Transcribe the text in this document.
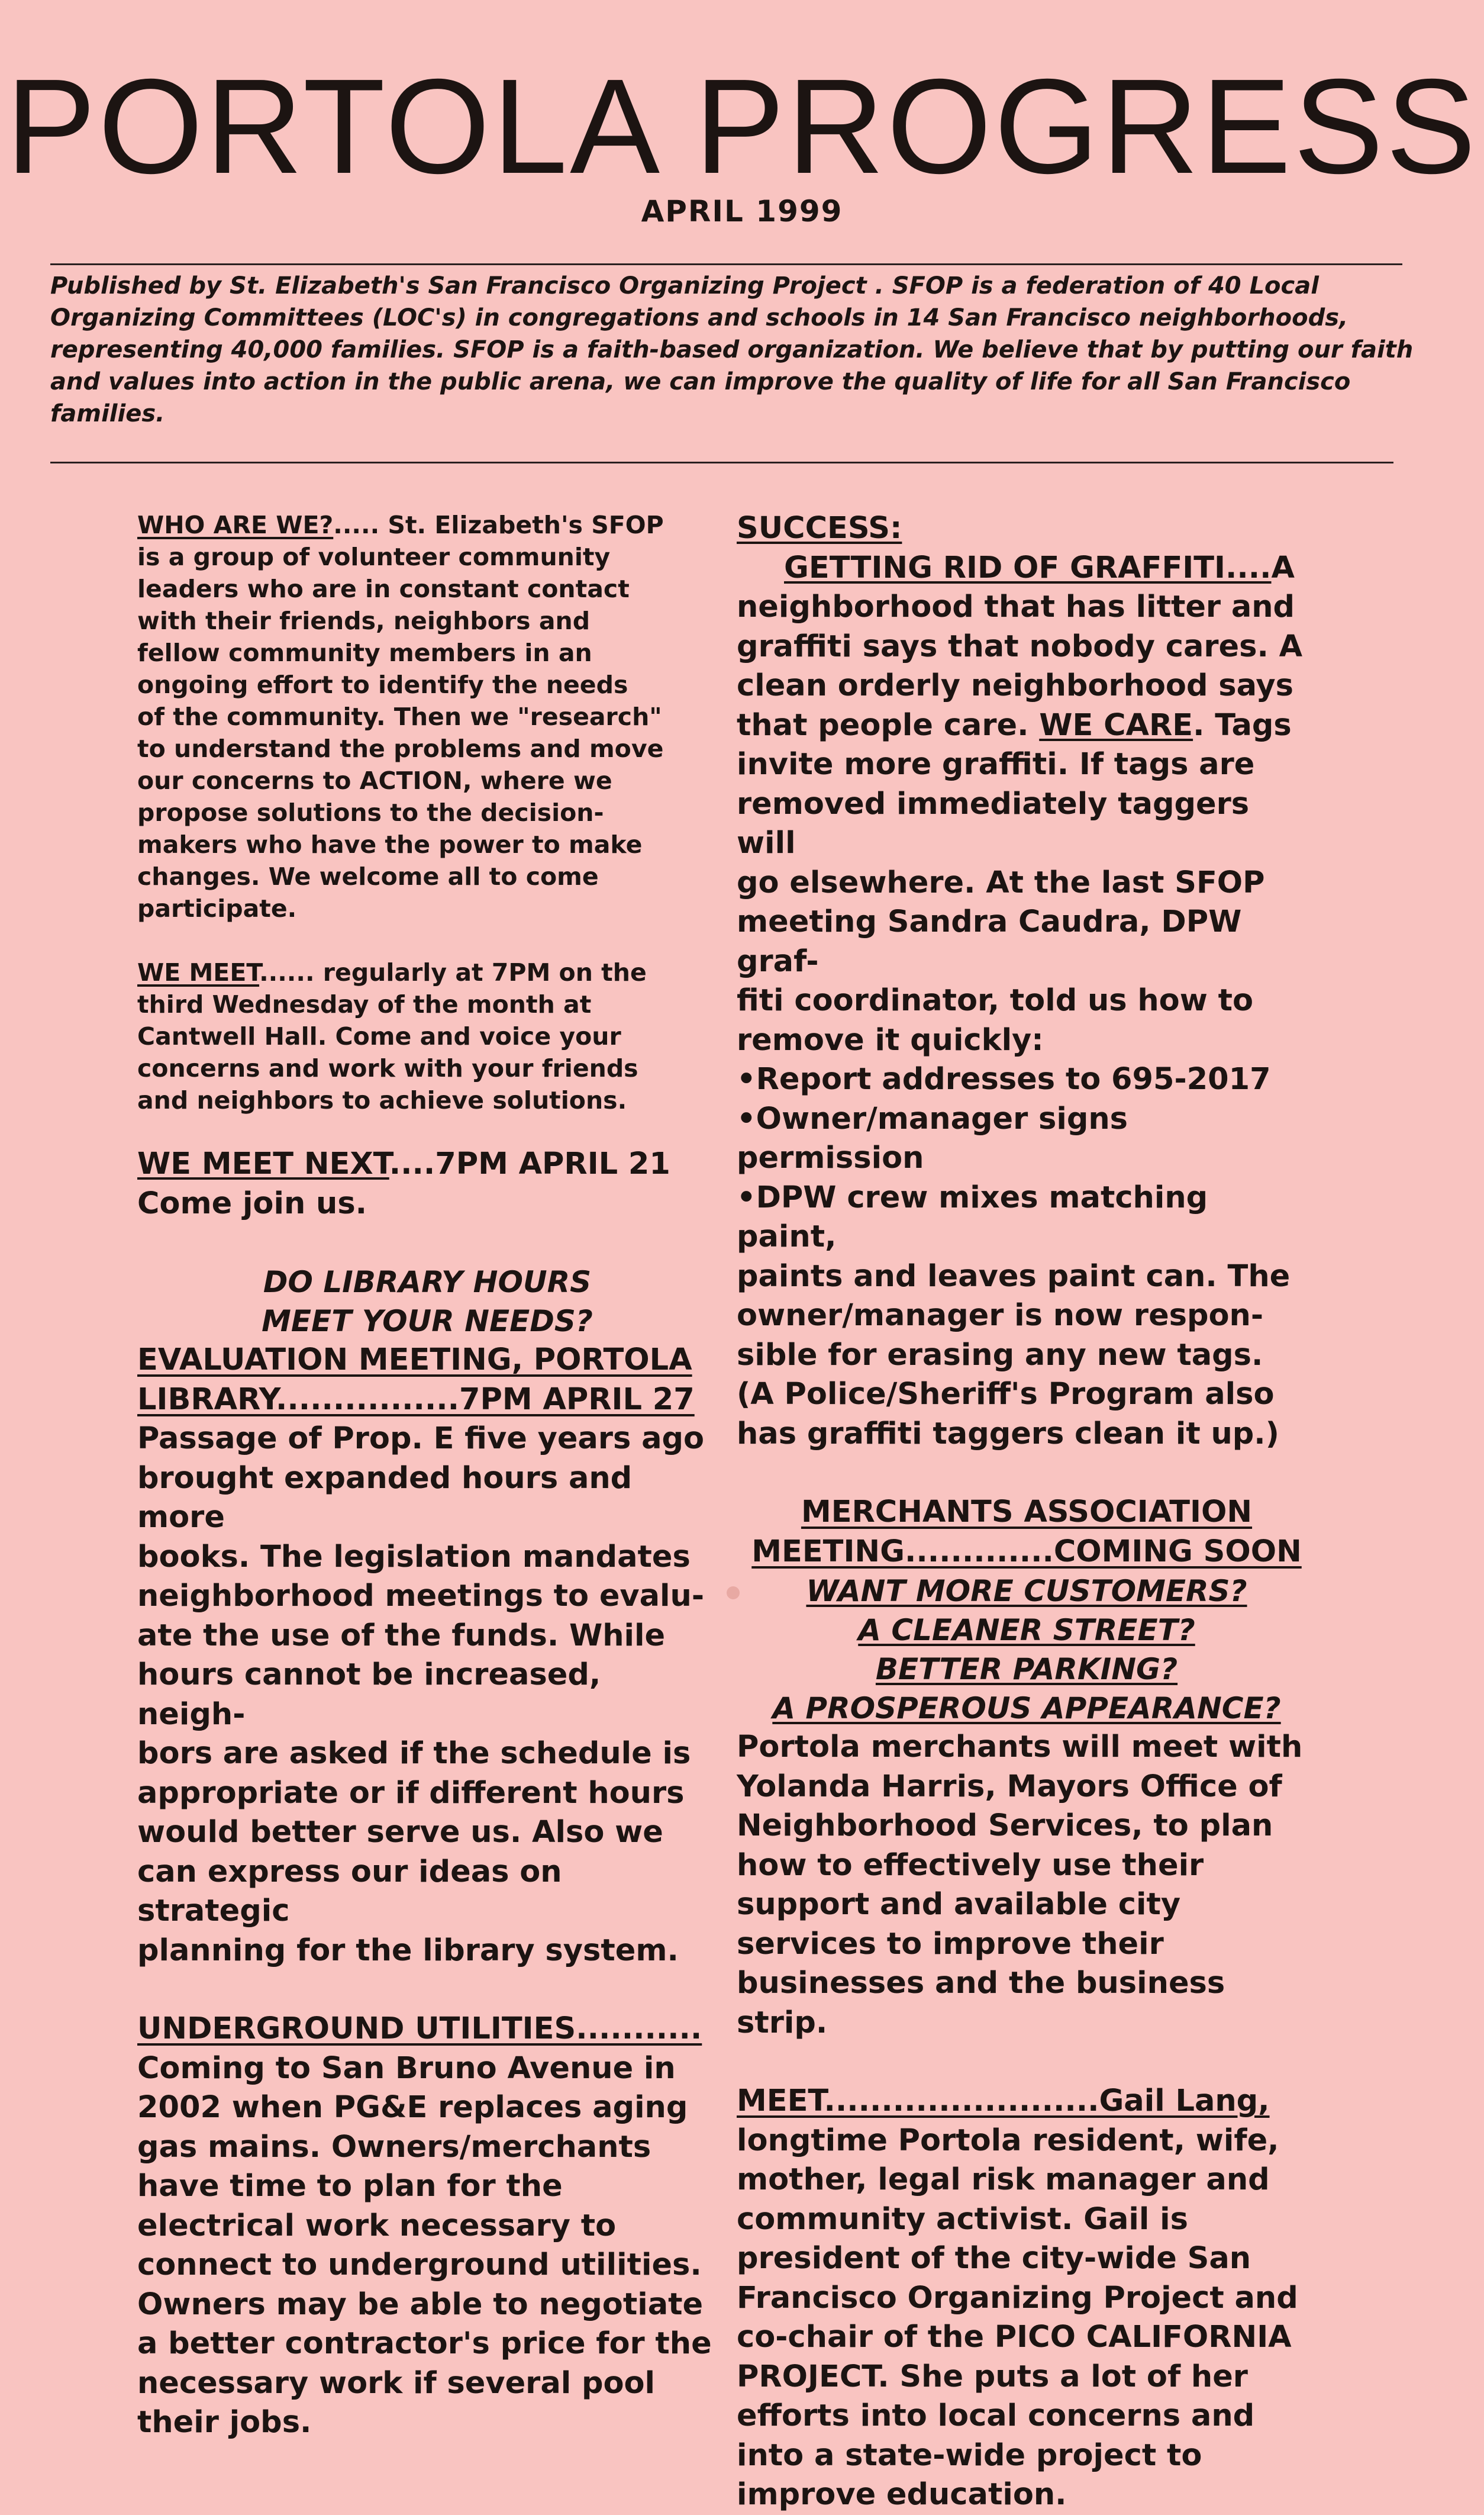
PORTOLA PROGRESS
APRIL 1999
Published by St. Elizabeth's San Francisco Organizing Project . SFOP is a federation of 40 Local Organizing Committees (LOC's) in congregations and schools in 14 San Francisco neighborhoods, representing 40,000 families. SFOP is a faith-based organization. We believe that by putting our faith and values into action in the public arena, we can improve the quality of life for all San Francisco families.
WHO ARE WE?..... St. Elizabeth's SFOP
is a group of volunteer community
leaders who are in constant contact
with their friends, neighbors and
fellow community members in an
ongoing effort to identify the needs
of the community. Then we "research"
to understand the problems and move
our concerns to ACTION, where we
propose solutions to the decision-
makers who have the power to make
changes. We welcome all to come
participate.
WE MEET...... regularly at 7PM on the
third Wednesday of the month at
Cantwell Hall. Come and voice your
concerns and work with your friends
and neighbors to achieve solutions.
WE MEET NEXT....7PM APRIL 21
Come join us.
DO LIBRARY HOURS
MEET YOUR NEEDS?
EVALUATION MEETING, PORTOLA
LIBRARY................7PM APRIL 27
Passage of Prop. E five years ago
brought expanded hours and more
books. The legislation mandates
neighborhood meetings to evalu-
ate the use of the funds. While
hours cannot be increased, neigh-
bors are asked if the schedule is
appropriate or if different hours
would better serve us. Also we
can express our ideas on strategic
planning for the library system.
UNDERGROUND UTILITIES...........
Coming to San Bruno Avenue in
2002 when PG&E replaces aging
gas mains. Owners/merchants
have time to plan for the
electrical work necessary to
connect to underground utilities.
Owners may be able to negotiate
a better contractor's price for the
necessary work if several pool
their jobs.
SUCCESS:
GETTING RID OF GRAFFITI....A
neighborhood that has litter and
graffiti says that nobody cares. A
clean orderly neighborhood says
that people care. WE CARE. Tags
invite more graffiti. If tags are
removed immediately taggers will
go elsewhere. At the last SFOP
meeting Sandra Caudra, DPW graf-
fiti coordinator, told us how to
remove it quickly:
•Report addresses to 695-2017
•Owner/manager signs permission
•DPW crew mixes matching paint,
paints and leaves paint can. The
owner/manager is now respon-
sible for erasing any new tags.
(A Police/Sheriff's Program also
has graffiti taggers clean it up.)
MERCHANTS ASSOCIATION
MEETING.............COMING SOON
WANT MORE CUSTOMERS?
A CLEANER STREET?
BETTER PARKING?
A PROSPEROUS APPEARANCE?
Portola merchants will meet with
Yolanda Harris, Mayors Office of
Neighborhood Services, to plan
how to effectively use their
support and available city
services to improve their
businesses and the business strip.
MEET........................Gail Lang,
longtime Portola resident, wife,
mother, legal risk manager and
community activist. Gail is
president of the city-wide San
Francisco Organizing Project and
co-chair of the PICO CALIFORNIA
PROJECT. She puts a lot of her
efforts into local concerns and
into a state-wide project to
improve education.
